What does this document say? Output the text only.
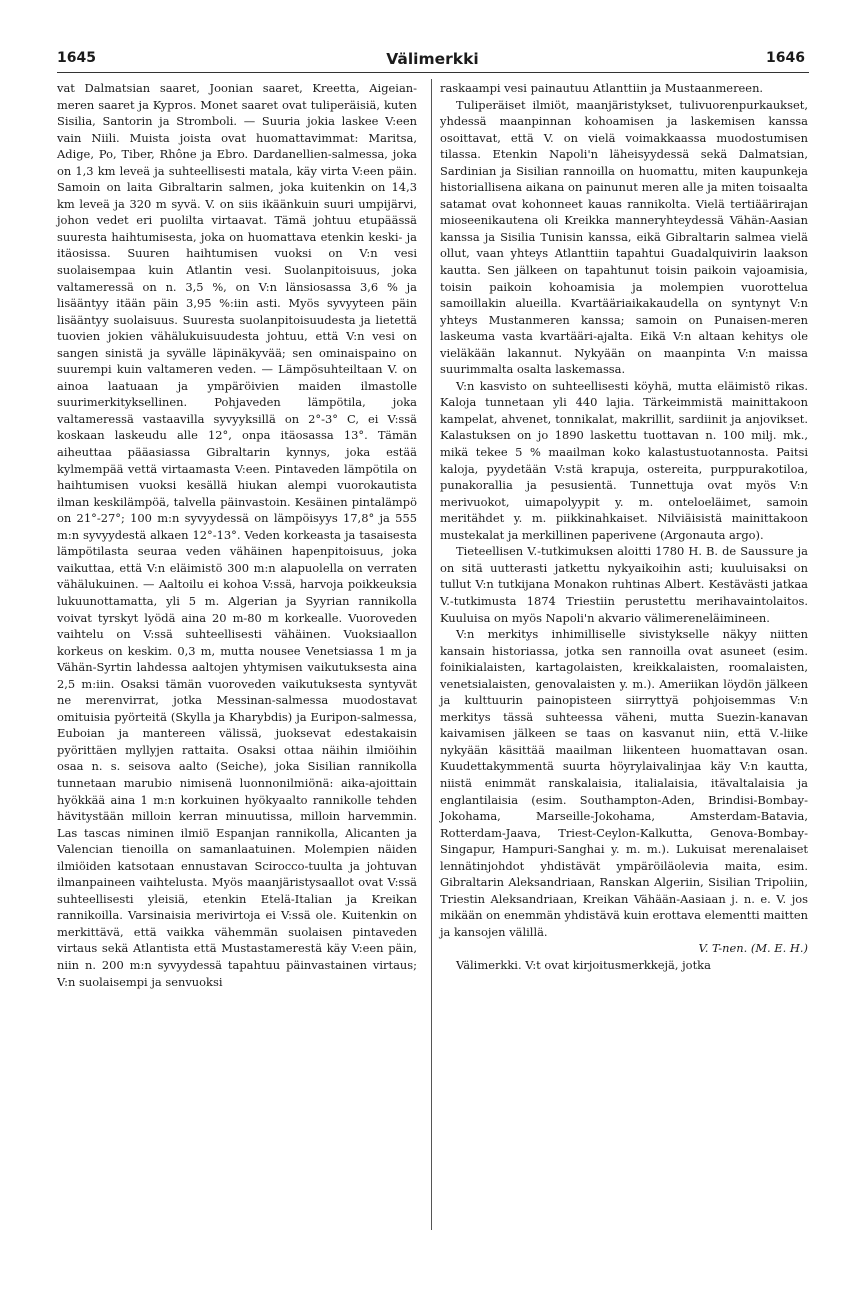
1645	Välimerkki	1646

vat Dalmatsian saaret, Joonian saaret, Kreetta, Aigeian-meren saaret ja Kypros. Monet saaret ovat tuliperäisiä, kuten Sisilia, Santorin ja Stromboli. — Suuria jokia laskee V:een vain Niili. Muista joista ovat huomattavimmat: Maritsa, Adige, Po, Tiber, Rhône ja Ebro. Dardanellien-salmessa, joka on 1,3 km leveä ja suhteellisesti matala, käy virta V:een päin. Samoin on laita Gibraltarin salmen, joka kuitenkin on 14,3 km leveä ja 320 m syvä. V. on siis ikäänkuin suuri umpijärvi, johon vedet eri puolilta virtaavat. Tämä johtuu etupäässä suuresta haihtumisesta, joka on huomattava etenkin keski- ja itäosissa. Suuren haihtumisen vuoksi on V:n vesi suolaisempaa kuin Atlantin vesi. Suolanpitoisuus, joka valtameressä on n. 3,5 %, on V:n länsiosassa 3,6 % ja lisääntyy itään päin 3,95 %:iin asti. Myös syvyyteen päin lisääntyy suolaisuus. Suuresta suolanpitoisuudesta ja lietettä tuovien jokien vähälukuisuudesta johtuu, että V:n vesi on sangen sinistä ja syvälle läpinäkyvää; sen ominaispaino on suurempi kuin valtameren veden. — Lämpösuhteiltaan V. on ainoa laatuaan ja ympäröivien maiden ilmastolle suurimerkityksellinen. Pohjaveden lämpötila, joka valtameressä vastaavilla syvyyksillä on 2°-3° C, ei V:ssä koskaan laskeudu alle 12°, onpa itäosassa 13°. Tämän aiheuttaa pääasiassa Gibraltarin kynnys, joka estää kylmempää vettä virtaamasta V:een. Pintaveden lämpötila on haihtumisen vuoksi kesällä hiukan alempi vuorokautista ilman keskilämpöä, talvella päinvastoin. Kesäinen pintalämpö on 21°-27°; 100 m:n syvyydessä on lämpöisyys 17,8° ja 555 m:n syvyydestä alkaen 12°-13°. Veden korkeasta ja tasaisesta lämpötilasta seuraa veden vähäinen hapenpitoisuus, joka vaikuttaa, että V:n eläimistö 300 m:n alapuolella on verraten vähälukuinen. — Aaltoilu ei kohoa V:ssä, harvoja poikkeuksia lukuunottamatta, yli 5 m. Algerian ja Syyrian rannikolla voivat tyrskyt lyödä aina 20 m-80 m korkealle. Vuoroveden vaihtelu on V:ssä suhteellisesti vähäinen. Vuoksiaallon korkeus on keskim. 0,3 m, mutta nousee Venetsiassa 1 m ja Vähän-Syrtin lahdessa aaltojen yhtymisen vaikutuksesta aina 2,5 m:iin. Osaksi tämän vuoroveden vaikutuksesta syntyvät ne merenvirrat, jotka Messinan-salmessa muodostavat omituisia pyörteitä (Skylla ja Kharybdis) ja Euripon-salmessa, Euboian ja mantereen välissä, juoksevat edestakaisin pyörittäen myllyjen rattaita. Osaksi ottaa näihin ilmiöihin osaa n. s. seisova aalto (Seiche), joka Sisilian rannikolla tunnetaan marubio nimisenä luonnonilmiönä: aika-ajoittain hyökkää aina 1 m:n korkuinen hyökyaalto rannikolle tehden hävitystään milloin kerran minuutissa, milloin harvemmin. Las tascas niminen ilmiö Espanjan rannikolla, Alicanten ja Valencian tienoilla on samanlaatuinen. Molempien näiden ilmiöiden katsotaan ennustavan Scirocco-tuulta ja johtuvan ilmanpaineen vaihtelusta. Myös maanjäristysaallot ovat V:ssä suhteellisesti yleisiä, etenkin Etelä-Italian ja Kreikan rannikoilla. Varsinaisia merivirtoja ei V:ssä ole. Kuitenkin on merkittävä, että vaikka vähemmän suolaisen pintaveden virtaus sekä Atlantista että Mustastamerestä käy V:een päin, niin n. 200 m:n syvyydessä tapahtuu päinvastainen virtaus; V:n suolaisempi ja senvuoksi

raskaampi vesi painautuu Atlanttiin ja Mustaanmereen.

Tuliperäiset ilmiöt, maanjäristykset, tulivuorenpurkaukset, yhdessä maanpinnan kohoamisen ja laskemisen kanssa osoittavat, että V. on vielä voimakkaassa muodostumisen tilassa. Etenkin Napoli'n läheisyydessä sekä Dalmatsian, Sardinian ja Sisilian rannoilla on huomattu, miten kaupunkeja historiallisena aikana on painunut meren alle ja miten toisaalta satamat ovat kohonneet kauas rannikolta. Vielä tertiäärirajan mioseenikautena oli Kreikka manneryhteydessä Vähän-Aasian kanssa ja Sisilia Tunisin kanssa, eikä Gibraltarin salmea vielä ollut, vaan yhteys Atlanttiin tapahtui Guadalquivirin laakson kautta. Sen jälkeen on tapahtunut toisin paikoin vajoamisia, toisin paikoin kohoamisia ja molempien vuorottelua samoillakin alueilla. Kvartääriaikakaudella on syntynyt V:n yhteys Mustanmeren kanssa; samoin on Punaisen-meren laskeuma vasta kvartääri-ajalta. Eikä V:n altaan kehitys ole vieläkään lakannut. Nykyään on maanpinta V:n maissa suurimmalta osalta laskemassa.

V:n kasvisto on suhteellisesti köyhä, mutta eläimistö rikas. Kaloja tunnetaan yli 440 lajia. Tärkeimmistä mainittakoon kampelat, ahvenet, tonnikalat, makrillit, sardiinit ja anjovikset. Kalastuksen on jo 1890 laskettu tuottavan n. 100 milj. mk., mikä tekee 5 % maailman koko kalastustuotannosta. Paitsi kaloja, pyydetään V:stä krapuja, ostereita, purppurakotiloa, punakorallia ja pesusientä. Tunnettuja ovat myös V:n merivuokot, uimapolyypit y. m. onteloeläimet, samoin meritähdet y. m. piikkinahkaiset. Nilviäisistä mainittakoon mustekalat ja merkillinen paperivene (Argonauta argo).

Tieteellisen V.-tutkimuksen aloitti 1780 H. B. de Saussure ja on sitä uutterasti jatkettu nykyaikoihin asti; kuuluisaksi on tullut V:n tutkijana Monakon ruhtinas Albert. Kestävästi jatkaa V.-tutkimusta 1874 Triestiin perustettu merihavaintolaitos. Kuuluisa on myös Napoli'n akvario välimereneläimineen.

V:n merkitys inhimilliselle sivistykselle näkyy niitten kansain historiassa, jotka sen rannoilla ovat asuneet (esim. foinikialaisten, kartagolaisten, kreikkalaisten, roomalaisten, venetsialaisten, genovalaisten y. m.). Ameriikan löydön jälkeen ja kulttuurin painopisteen siirryttyä pohjoisemmas V:n merkitys tässä suhteessa väheni, mutta Suezin-kanavan kaivamisen jälkeen se taas on kasvanut niin, että V.-liike nykyään käsittää maailman liikenteen huomattavan osan. Kuudettakymmentä suurta höyrylaivalinjaa käy V:n kautta, niistä enimmät ranskalaisia, italialaisia, itävaltalaisia ja englantilaisia (esim. Southampton-Aden, Brindisi-Bombay-Jokohama, Marseille-Jokohama, Amsterdam-Batavia, Rotterdam-Jaava, Triest-Ceylon-Kalkutta, Genova-Bombay-Singapur, Hampuri-Sanghai y. m. m.). Lukuisat merenalaiset lennätinjohdot yhdistävät ympäröiläolevia maita, esim. Gibraltarin Aleksandriaan, Ranskan Algeriin, Sisilian Tripoliin, Triestin Aleksandriaan, Kreikan Vähään-Aasiaan j. n. e. V. jos mikään on enemmän yhdistävä kuin erottava elementti maitten ja kansojen välillä.

V. T-nen. (M. E. H.)

Välimerkki. V:t ovat kirjoitusmerkkejä, jotka
